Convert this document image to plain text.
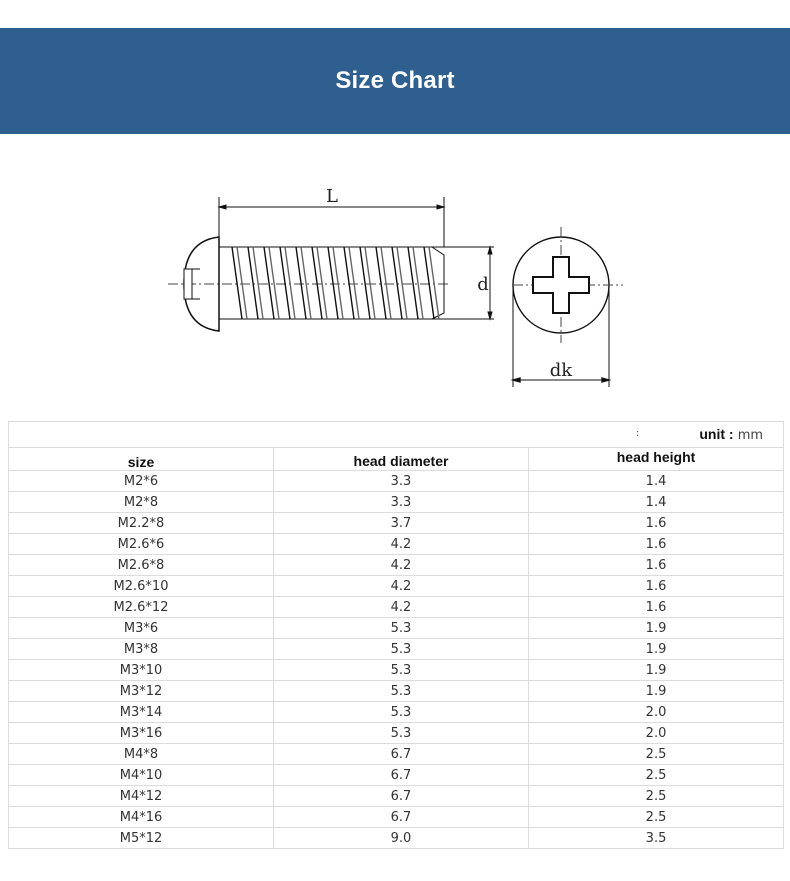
Size Chart
L
d
dk
: unit : mm		
size	head diameter	head height
M2*6	3.3	1.4
M2*8	3.3	1.4
M2.2*8	3.7	1.6
M2.6*6	4.2	1.6
M2.6*8	4.2	1.6
M2.6*10	4.2	1.6
M2.6*12	4.2	1.6
M3*6	5.3	1.9
M3*8	5.3	1.9
M3*10	5.3	1.9
M3*12	5.3	1.9
M3*14	5.3	2.0
M3*16	5.3	2.0
M4*8	6.7	2.5
M4*10	6.7	2.5
M4*12	6.7	2.5
M4*16	6.7	2.5
M5*12	9.0	3.5
